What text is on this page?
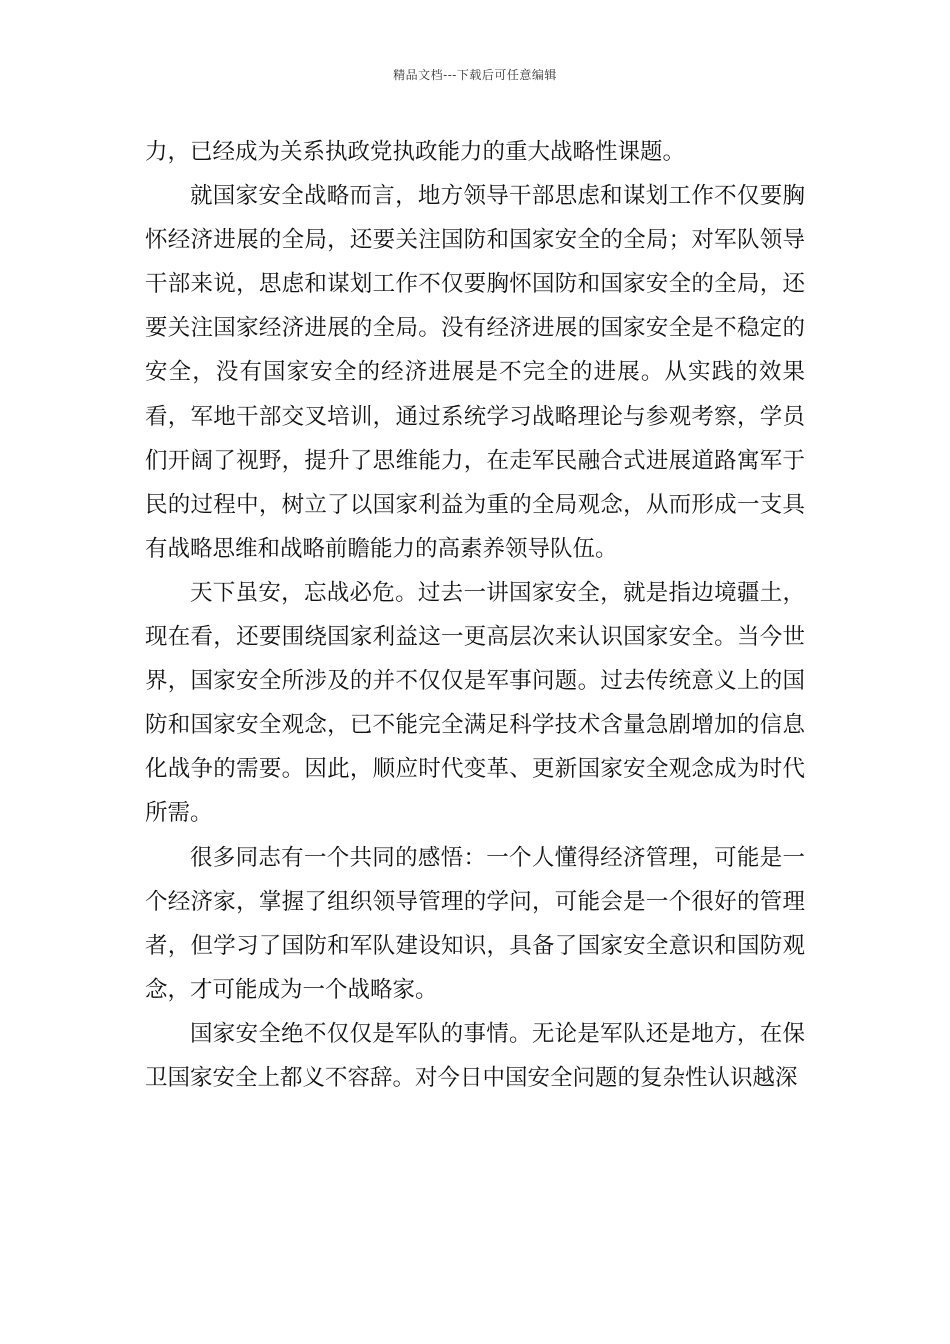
精品文档---下载后可任意编辑

力，已经成为关系执政党执政能力的重大战略性课题。

就国家安全战略而言，地方领导干部思虑和谋划工作不仅要胸怀经济进展的全局，还要关注国防和国家安全的全局；对军队领导干部来说，思虑和谋划工作不仅要胸怀国防和国家安全的全局，还要关注国家经济进展的全局。没有经济进展的国家安全是不稳定的安全，没有国家安全的经济进展是不完全的进展。从实践的效果看，军地干部交叉培训，通过系统学习战略理论与参观考察，学员们开阔了视野，提升了思维能力，在走军民融合式进展道路寓军于民的过程中，树立了以国家利益为重的全局观念，从而形成一支具有战略思维和战略前瞻能力的高素养领导队伍。

天下虽安，忘战必危。过去一讲国家安全，就是指边境疆土，现在看，还要围绕国家利益这一更高层次来认识国家安全。当今世界，国家安全所涉及的并不仅仅是军事问题。过去传统意义上的国防和国家安全观念，已不能完全满足科学技术含量急剧增加的信息化战争的需要。因此，顺应时代变革、更新国家安全观念成为时代所需。

很多同志有一个共同的感悟：一个人懂得经济管理，可能是一个经济家，掌握了组织领导管理的学问，可能会是一个很好的管理者，但学习了国防和军队建设知识，具备了国家安全意识和国防观念，才可能成为一个战略家。

国家安全绝不仅仅是军队的事情。无论是军队还是地方，在保卫国家安全上都义不容辞。对今日中国安全问题的复杂性认识越深
